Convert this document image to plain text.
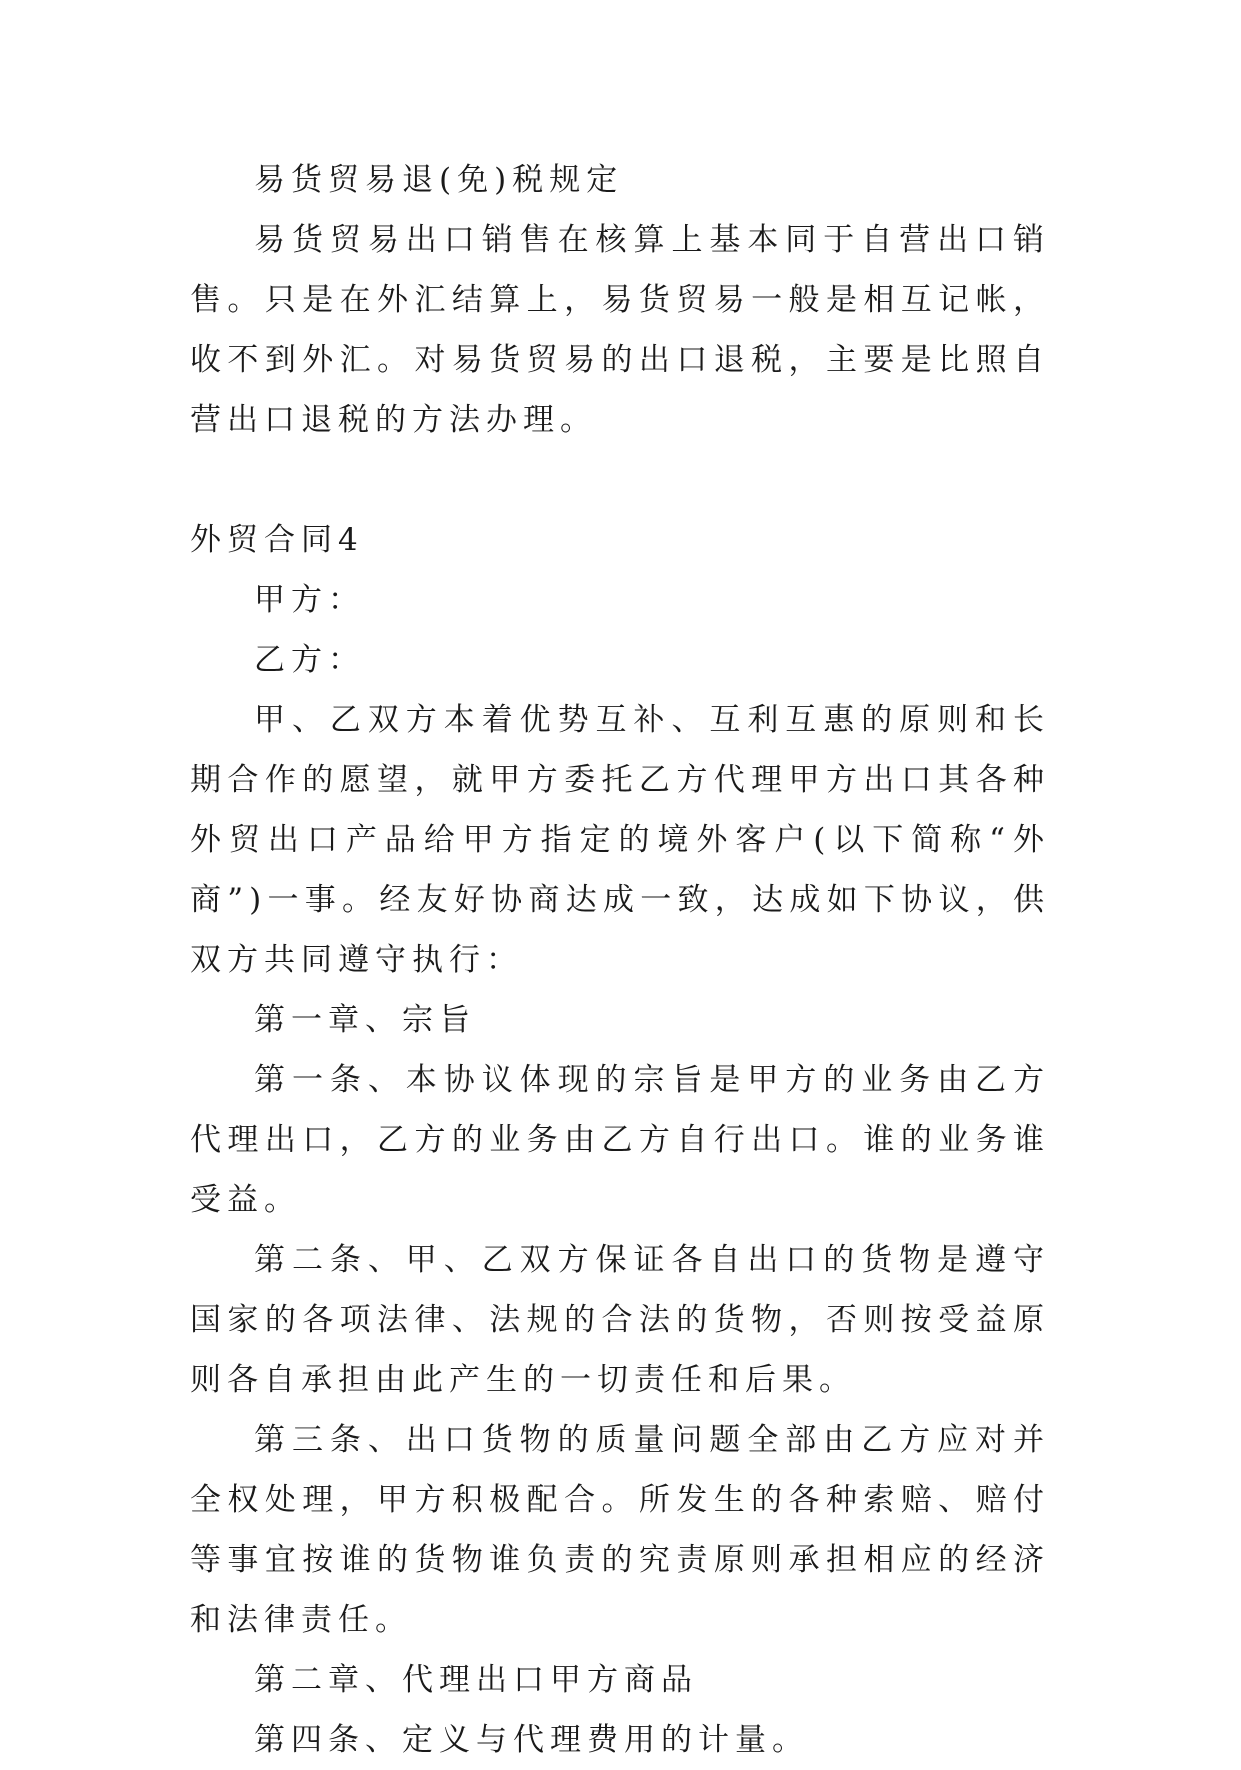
易货贸易退(免)税规定

易货贸易出口销售在核算上基本同于自营出口销售。只是在外汇结算上，易货贸易一般是相互记帐，收不到外汇。对易货贸易的出口退税，主要是比照自营出口退税的方法办理。

外贸合同4

甲方：

乙方：

甲、乙双方本着优势互补、互利互惠的原则和长期合作的愿望，就甲方委托乙方代理甲方出口其各种外贸出口产品给甲方指定的境外客户(以下简称“外商”)一事。经友好协商达成一致，达成如下协议，供双方共同遵守执行：

第一章、宗旨

第一条、本协议体现的宗旨是甲方的业务由乙方代理出口，乙方的业务由乙方自行出口。谁的业务谁受益。

第二条、甲、乙双方保证各自出口的货物是遵守国家的各项法律、法规的合法的货物，否则按受益原则各自承担由此产生的一切责任和后果。

第三条、出口货物的质量问题全部由乙方应对并全权处理，甲方积极配合。所发生的各种索赔、赔付等事宜按谁的货物谁负责的究责原则承担相应的经济和法律责任。

第二章、代理出口甲方商品

第四条、定义与代理费用的计量。
